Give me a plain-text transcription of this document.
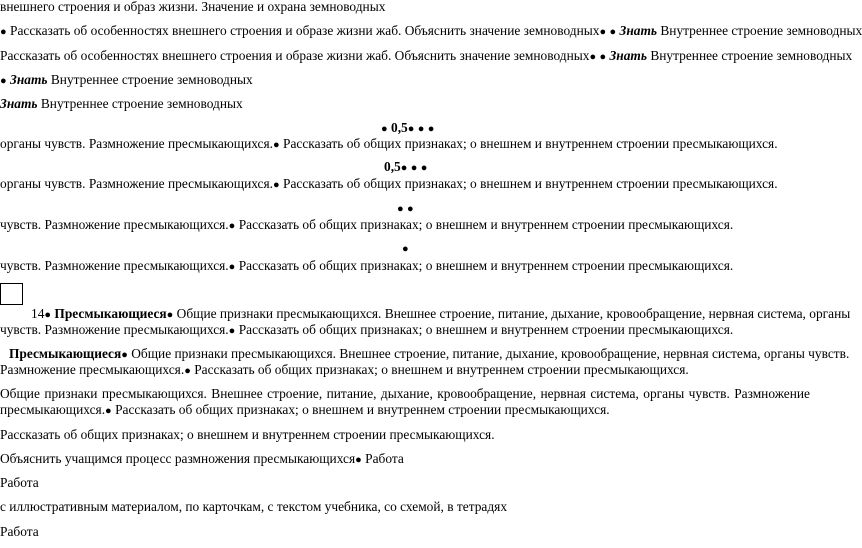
внешнего строения и образ жизни. Значение и охрана земноводных
● Рассказать об особенностях внешнего строения и образе жизни жаб. Объяснить значение земноводных● ● Знать Внутреннее строение земноводных
Рассказать об особенностях внешнего строения и образе жизни жаб. Объяснить значение земноводных● ● Знать Внутреннее строение земноводных
● Знать Внутреннее строение земноводных
Знать Внутреннее строение земноводных
● 0,5● ● ●
органы чувств. Размножение пресмыкающихся.● Рассказать об общих признаках; о внешнем и внутреннем строении пресмыкающихся.
0,5● ● ●
органы чувств. Размножение пресмыкающихся.● Рассказать об общих признаках; о внешнем и внутреннем строении пресмыкающихся.
● ●
чувств. Размножение пресмыкающихся.● Рассказать об общих признаках; о внешнем и внутреннем строении пресмыкающихся.
●
чувств. Размножение пресмыкающихся.● Рассказать об общих признаках; о внешнем и внутреннем строении пресмыкающихся.
14● Пресмыкающиеся● Общие признаки пресмыкающихся. Внешнее строение, питание, дыхание, кровообращение, нервная система, органы
чувств. Размножение пресмыкающихся.● Рассказать об общих признаках; о внешнем и внутреннем строении пресмыкающихся.
Пресмыкающиеся● Общие признаки пресмыкающихся. Внешнее строение, питание, дыхание, кровообращение, нервная система, органы чувств.
Размножение пресмыкающихся.● Рассказать об общих признаках; о внешнем и внутреннем строении пресмыкающихся.
Общие признаки пресмыкающихся. Внешнее строение, питание, дыхание, кровообращение, нервная система, органы чувств. Размножение пресмыкающихся.● Рассказать об общих признаках; о внешнем и внутреннем строении пресмыкающихся.
Рассказать об общих признаках; о внешнем и внутреннем строении пресмыкающихся.
Объяснить учащимся процесс размножения пресмыкающихся● Работа
Работа
с иллюстративным материалом, по карточкам, с текстом учебника, со схемой, в тетрадях
Работа
